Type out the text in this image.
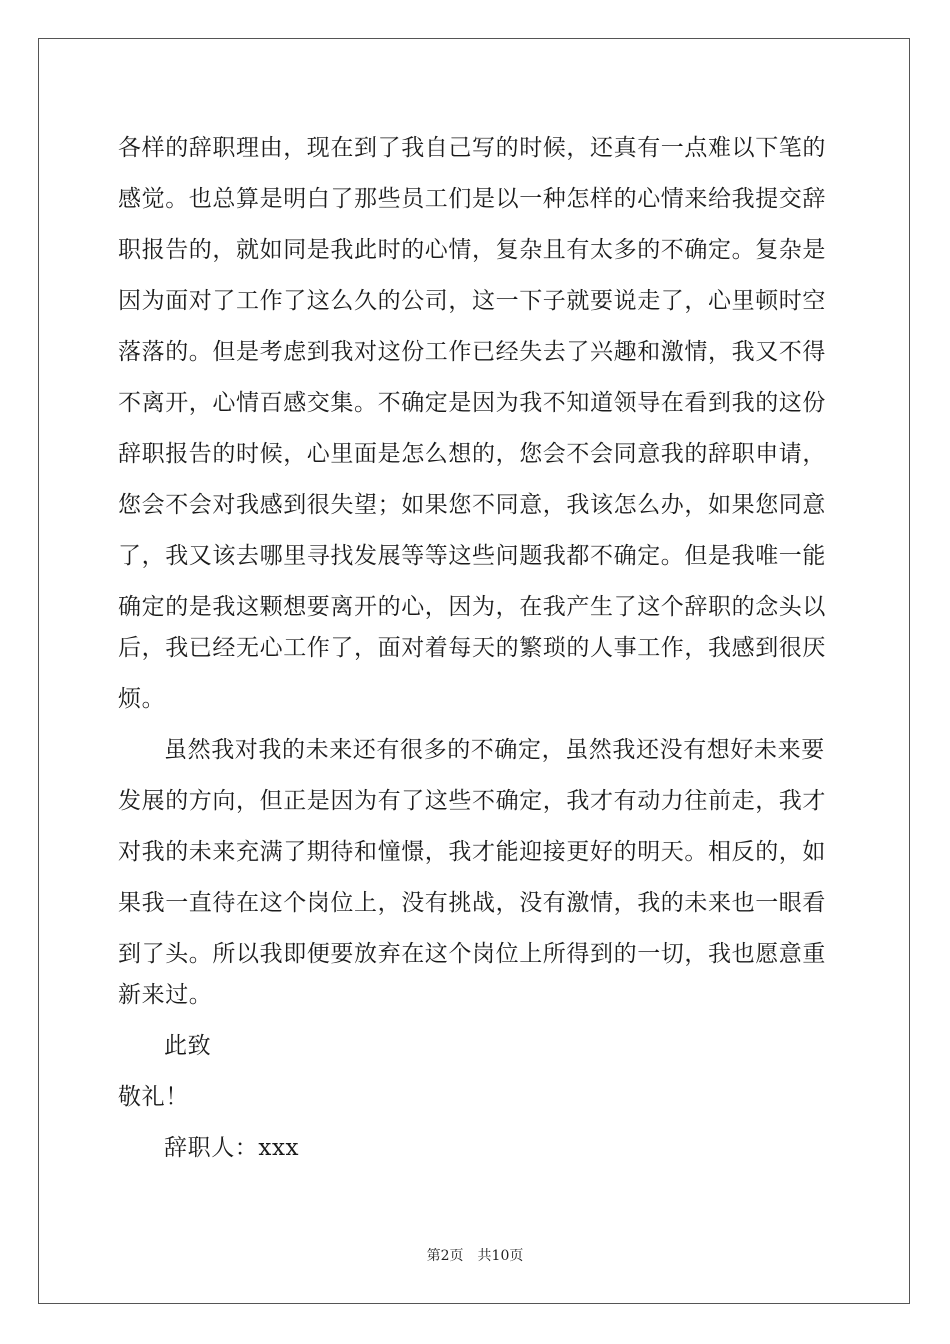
各样的辞职理由，现在到了我自己写的时候，还真有一点难以下笔的
感觉。也总算是明白了那些员工们是以一种怎样的心情来给我提交辞
职报告的，就如同是我此时的心情，复杂且有太多的不确定。复杂是
因为面对了工作了这么久的公司，这一下子就要说走了，心里顿时空
落落的。但是考虑到我对这份工作已经失去了兴趣和激情，我又不得
不离开，心情百感交集。不确定是因为我不知道领导在看到我的这份
辞职报告的时候，心里面是怎么想的，您会不会同意我的辞职申请，
您会不会对我感到很失望；如果您不同意，我该怎么办，如果您同意
了，我又该去哪里寻找发展等等这些问题我都不确定。但是我唯一能
确定的是我这颗想要离开的心，因为，在我产生了这个辞职的念头以
后，我已经无心工作了，面对着每天的繁琐的人事工作，我感到很厌
烦。
虽然我对我的未来还有很多的不确定，虽然我还没有想好未来要
发展的方向，但正是因为有了这些不确定，我才有动力往前走，我才
对我的未来充满了期待和憧憬，我才能迎接更好的明天。相反的，如
果我一直待在这个岗位上，没有挑战，没有激情，我的未来也一眼看
到了头。所以我即便要放弃在这个岗位上所得到的一切，我也愿意重
新来过。
此致
敬礼！
辞职人：xxx
第2页 共10页
